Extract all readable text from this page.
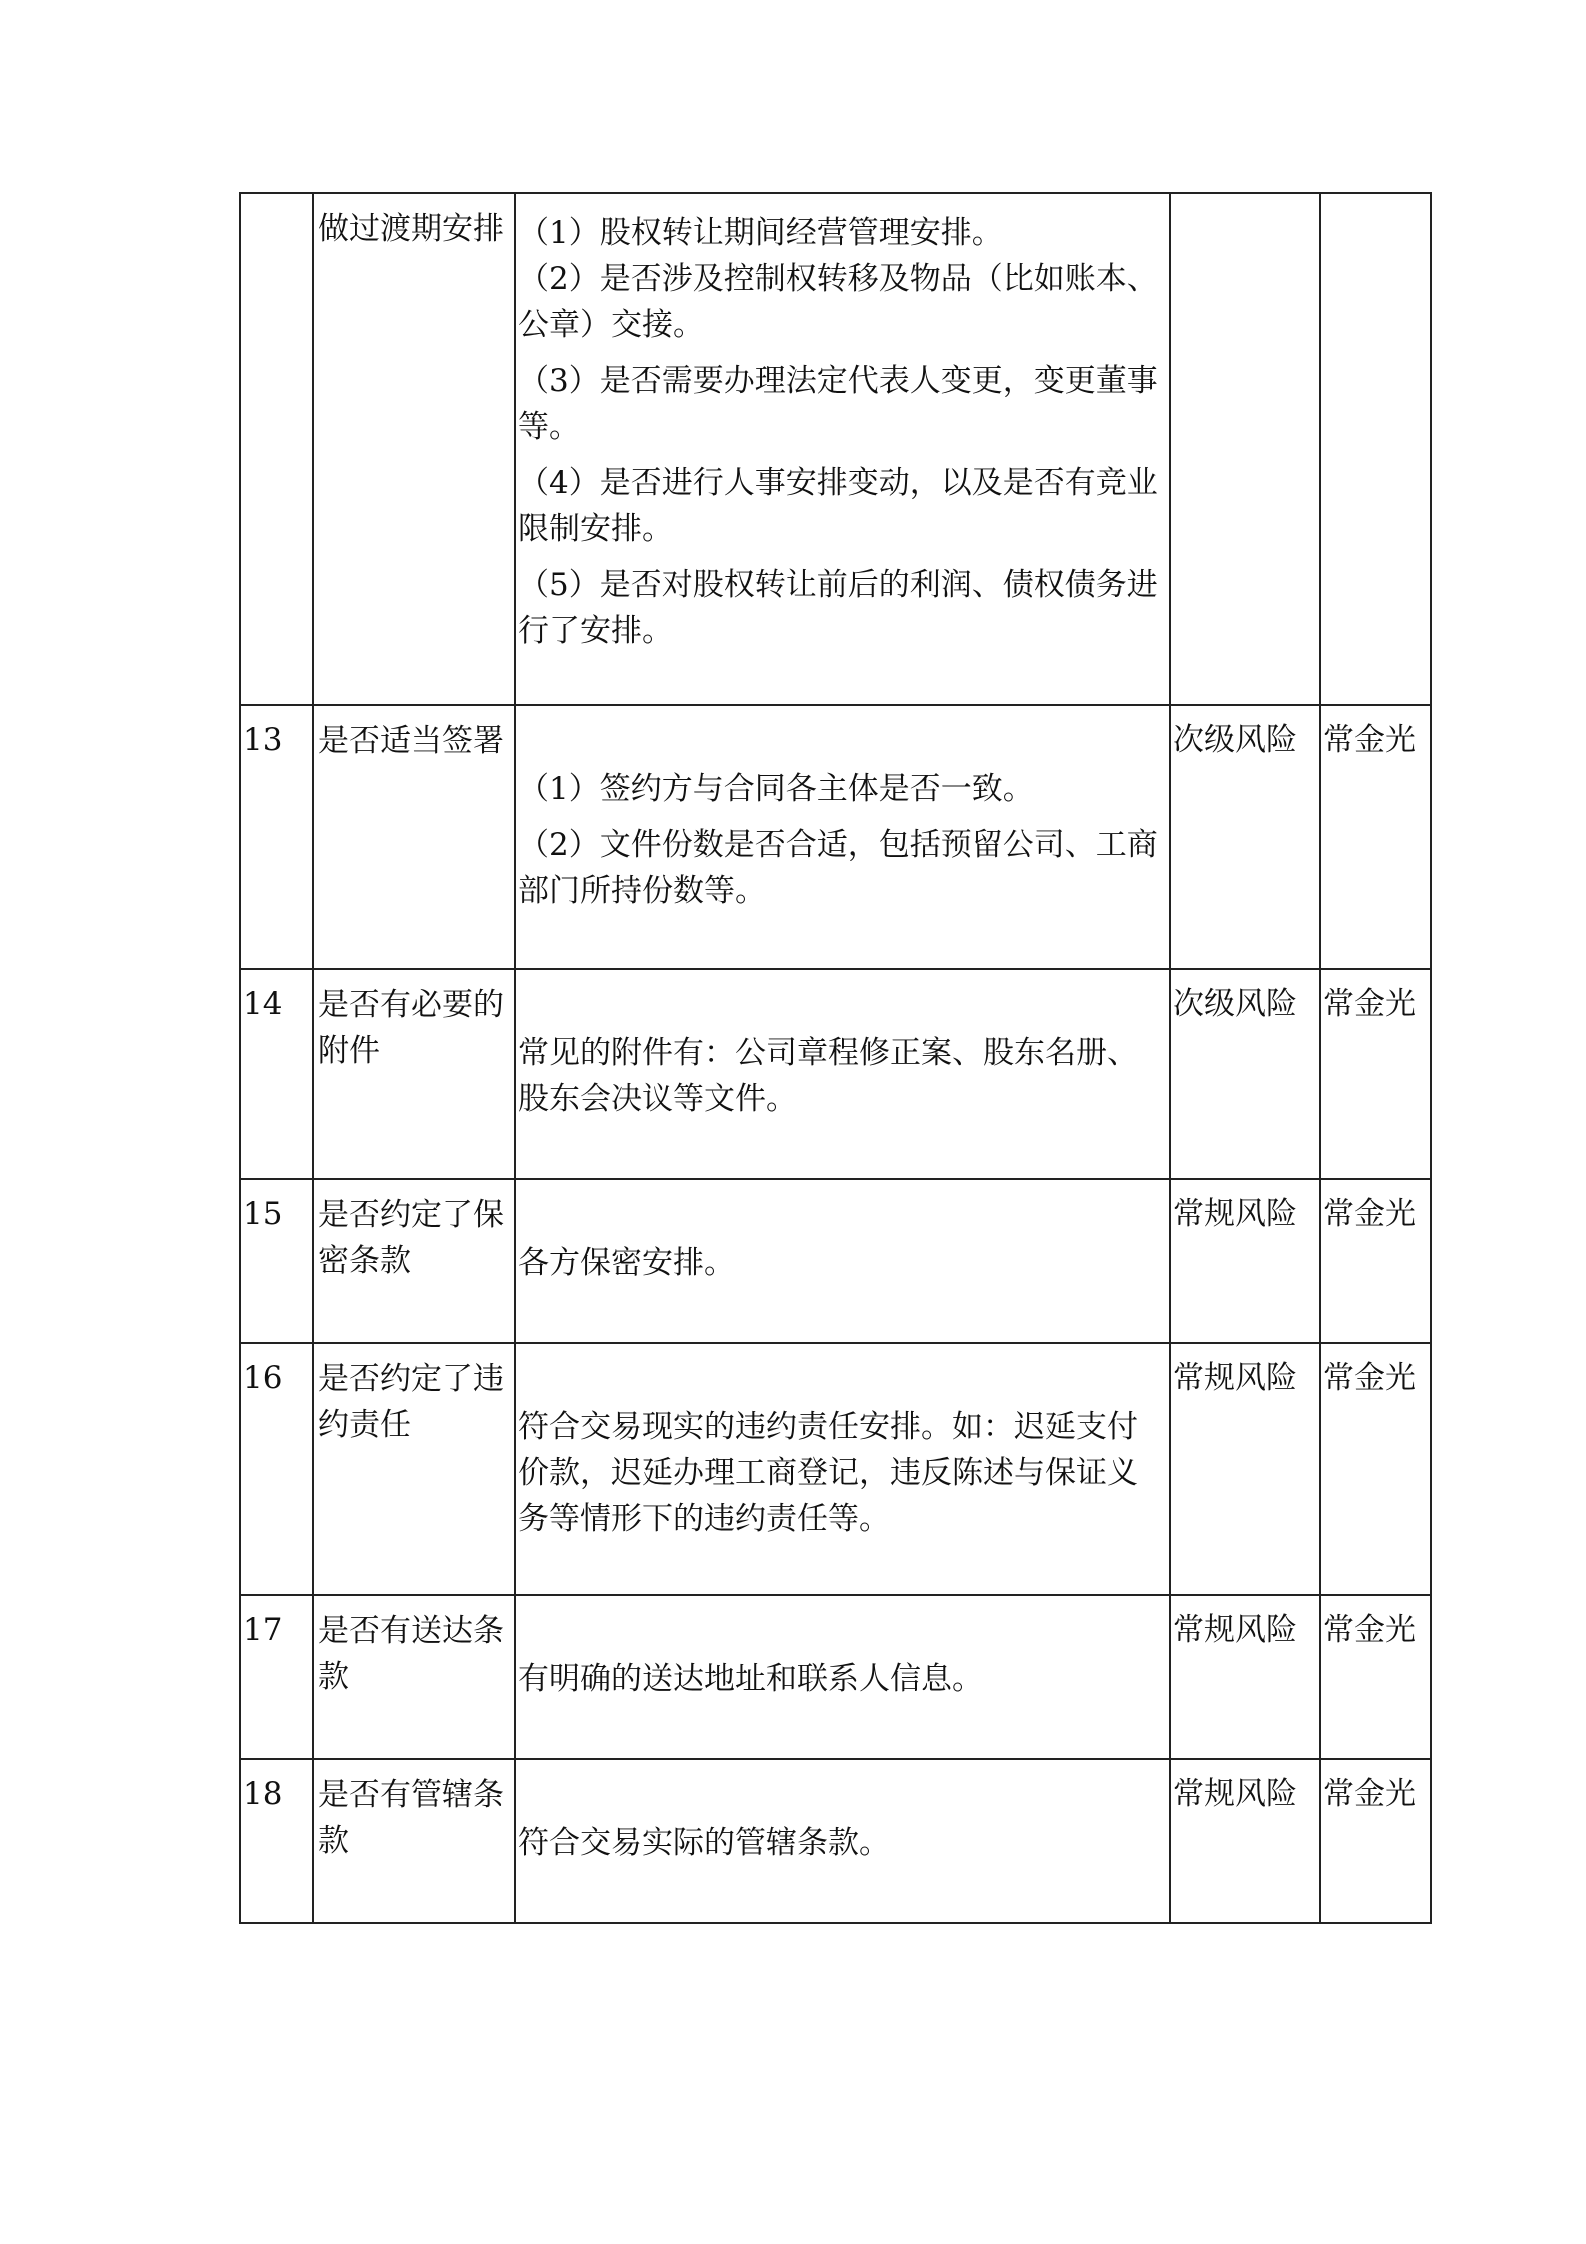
	做过渡期安排	（1）股权转让期间经营管理安排。

（2）是否涉及控制权转移及物品（比如账本、公章）交接。

（3）是否需要办理法定代表人变更，变更董事等。

（4）是否进行人事安排变动，以及是否有竞业限制安排。

（5）是否对股权转让前后的利润、债权债务进行了安排。		

13	是否适当签署	（1）签约方与合同各主体是否一致。

（2）文件份数是否合适，包括预留公司、工商部门所持份数等。	次级风险	常金光
14	是否有必要的附件	常见的附件有：公司章程修正案、股东名册、股东会决议等文件。	次级风险	常金光
15	是否约定了保密条款	各方保密安排。	常规风险	常金光
16	是否约定了违约责任	符合交易现实的违约责任安排。如：迟延支付价款，迟延办理工商登记，违反陈述与保证义务等情形下的违约责任等。	常规风险	常金光
17	是否有送达条款	有明确的送达地址和联系人信息。	常规风险	常金光
18	是否有管辖条款	符合交易实际的管辖条款。	常规风险	常金光
